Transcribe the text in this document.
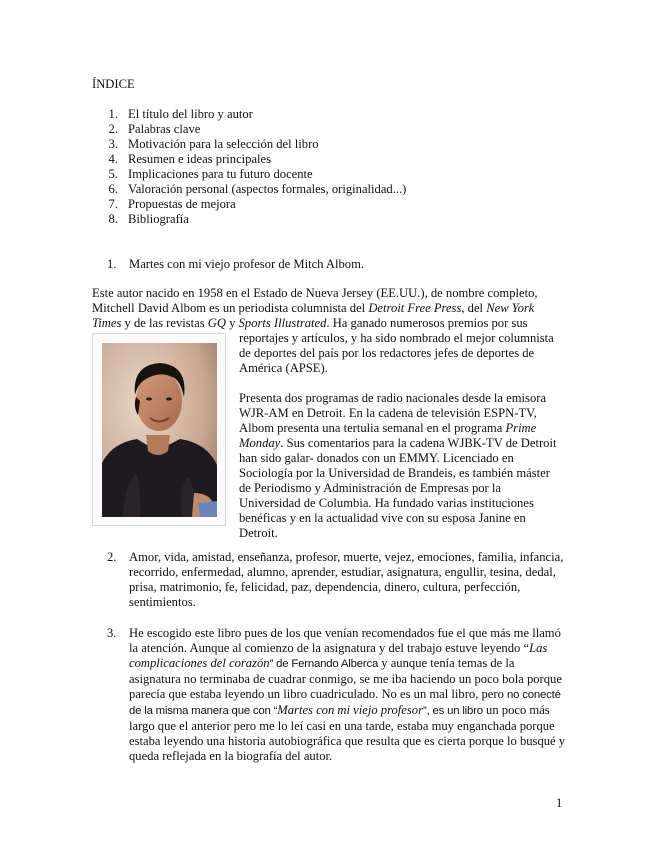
ÍNDICE
1. El título del libro y autor
2. Palabras clave
3. Motivación para la selección del libro
4. Resumen e ideas principales
5. Implicaciones para tu futuro docente
6. Valoración personal (aspectos formales, originalidad...)
7. Propuestas de mejora
8. Bibliografía
1. Martes con mi viejo profesor de Mitch Albom.

Este autor nacido en 1958 en el Estado de Nueva Jersey (EE.UU.), de nombre completo, Mitchell David Albom es un periodista columnista del Detroit Free Press, del New York Times y de las revistas GQ y Sports Illustrated. Ha ganado numerosos premios por sus

reportajes y artículos, y ha sido nombrado el mejor columnista de deportes del país por los redactores jefes de deportes de América (APSE).

Presenta dos programas de radio nacionales desde la emisora WJR-AM en Detroit. En la cadena de televisión ESPN-TV, Albom presenta una tertulia semanal en el programa Prime Monday. Sus comentarios para la cadena WJBK-TV de Detroit han sido galar- donados con un EMMY. Licenciado en Sociología por la Universidad de Brandeis, es también máster de Periodismo y Administración de Empresas por la Universidad de Columbia. Ha fundado varias instituciones benéficas y en la actualidad vive con su esposa Janine en Detroit.

2. Amor, vida, amistad, enseñanza, profesor, muerte, vejez, emociones, familia, infancia, recorrido, enfermedad, alumno, aprender, estudiar, asignatura, engullir, tesina, dedal, prisa, matrimonio, fe, felicidad, paz, dependencia, dinero, cultura, perfección, sentimientos.

3. He escogido este libro pues de los que venían recomendados fue el que más me llamó la atención. Aunque al comienzo de la asignatura y del trabajo estuve leyendo “Las complicaciones del corazón” de Fernando Alberca y aunque tenía temas de la asignatura no terminaba de cuadrar conmigo, se me iba haciendo un poco bola porque parecía que estaba leyendo un libro cuadriculado. No es un mal libro, pero no conecté de la misma manera que con “Martes con mi viejo profesor”, es un libro un poco más largo que el anterior pero me lo leí casi en una tarde, estaba muy enganchada porque estaba leyendo una historia autobiográfica que resulta que es cierta porque lo busqué y queda reflejada en la biografía del autor.

1
